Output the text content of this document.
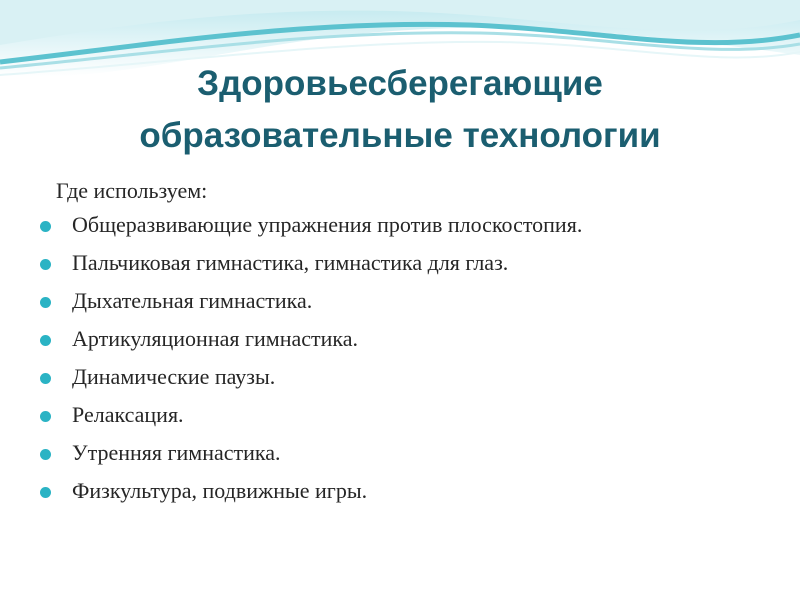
Здоровьесберегающие
образовательные технологии
Где используем:
Общеразвивающие упражнения против плоскостопия.
Пальчиковая гимнастика, гимнастика для глаз.
Дыхательная гимнастика.
Артикуляционная гимнастика.
Динамические паузы.
Релаксация.
Утренняя гимнастика.
Физкультура, подвижные игры.
